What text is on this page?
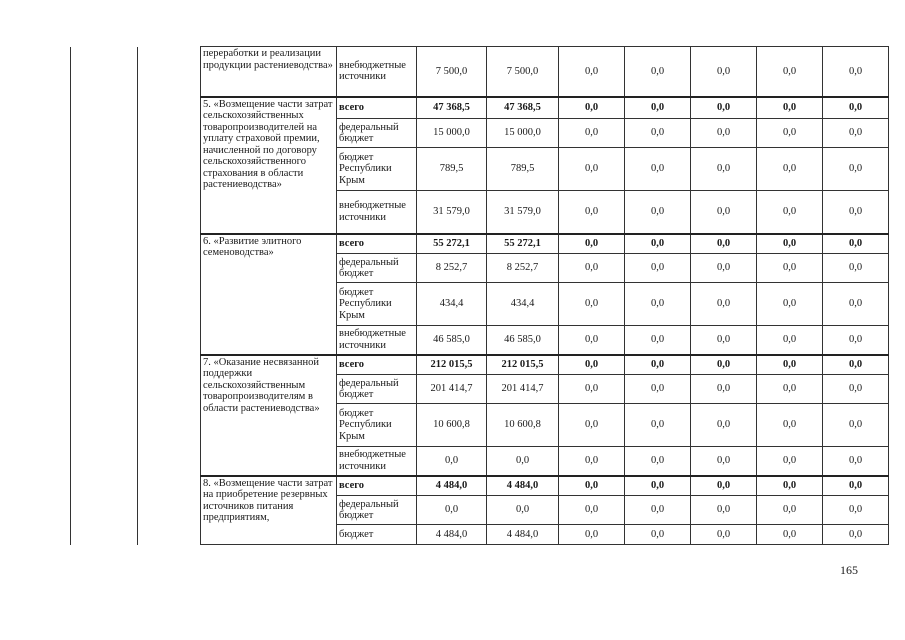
		переработки и реализации продукции растениеводства»	внебюджетные источники	7 500,0	7 500,0	0,0	0,0	0,0	0,0	0,0
		5. «Возмещение части затрат сельскохозяйственных товаропроизводителей на уплату страховой премии, начисленной по договору сельскохозяйственного страхования в области растениеводства»	всего	47 368,5	47 368,5	0,0	0,0	0,0	0,0	0,0
			федеральный бюджет	15 000,0	15 000,0	0,0	0,0	0,0	0,0	0,0
			бюджет Республики Крым	789,5	789,5	0,0	0,0	0,0	0,0	0,0
			внебюджетные источники	31 579,0	31 579,0	0,0	0,0	0,0	0,0	0,0
		6. «Развитие элитного семеноводства»	всего	55 272,1	55 272,1	0,0	0,0	0,0	0,0	0,0
			федеральный бюджет	8 252,7	8 252,7	0,0	0,0	0,0	0,0	0,0
			бюджет Республики Крым	434,4	434,4	0,0	0,0	0,0	0,0	0,0
			внебюджетные источники	46 585,0	46 585,0	0,0	0,0	0,0	0,0	0,0
		7. «Оказание несвязанной поддержки сельскохозяйственным товаропроизводителям в области растениеводства»	всего	212 015,5	212 015,5	0,0	0,0	0,0	0,0	0,0
			федеральный бюджет	201 414,7	201 414,7	0,0	0,0	0,0	0,0	0,0
			бюджет Республики Крым	10 600,8	10 600,8	0,0	0,0	0,0	0,0	0,0
			внебюджетные источники	0,0	0,0	0,0	0,0	0,0	0,0	0,0
		8. «Возмещение части затрат на приобретение резервных источников питания предприятиям,	всего	4 484,0	4 484,0	0,0	0,0	0,0	0,0	0,0
			федеральный бюджет	0,0	0,0	0,0	0,0	0,0	0,0	0,0
			бюджет	4 484,0	4 484,0	0,0	0,0	0,0	0,0	0,0
165
